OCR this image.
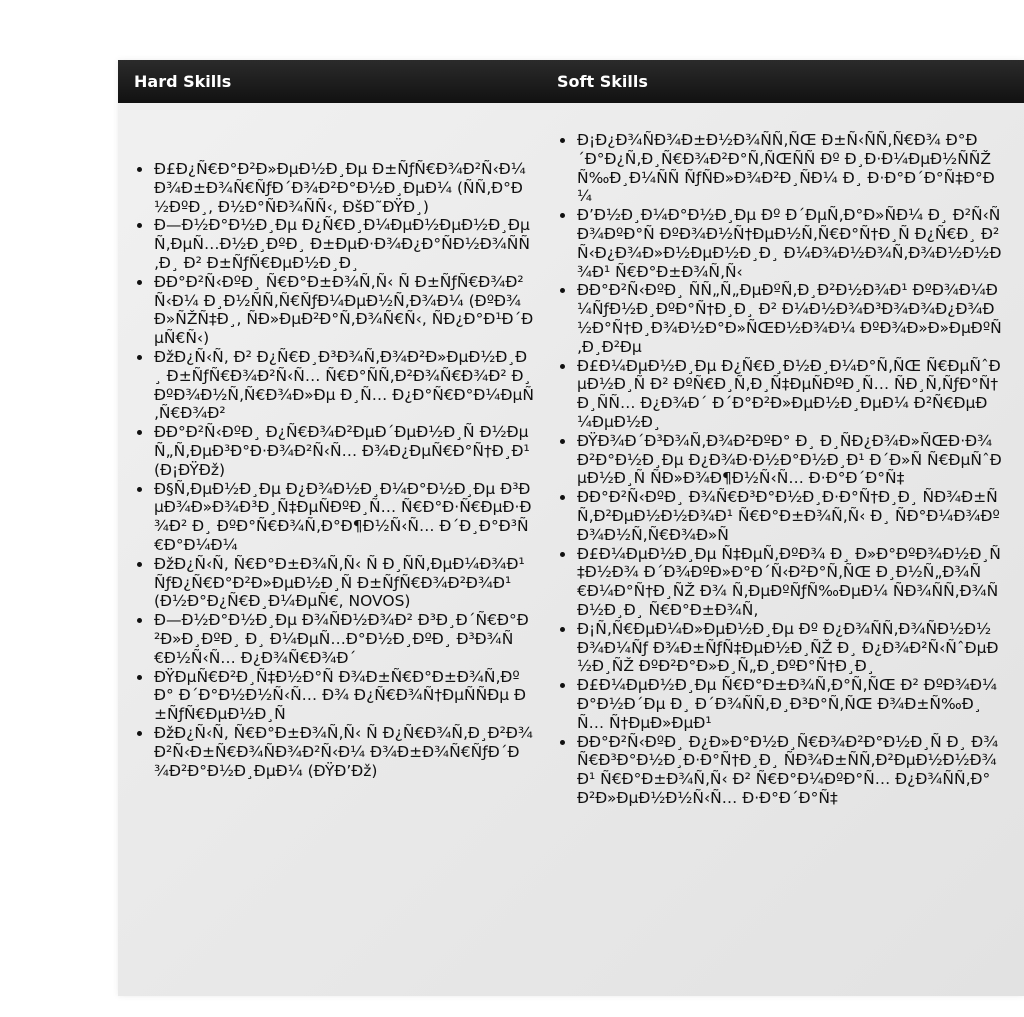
Hard Skills	Soft Skills
Ð£Ð¿Ñ€Ð°Ð²Ð»ÐµÐ½Ð¸Ðµ Ð±ÑƒÑ€Ð¾Ð²Ñ‹Ð¼ Ð¾Ð±Ð¾Ñ€ÑƒÐ´Ð¾Ð²Ð°Ð½Ð¸ÐµÐ¼ (ÑÑ‚Ð°Ð½ÐºÐ¸, Ð½Ð°ÑÐ¾ÑÑ‹, ÐšÐ˜ÐŸÐ¸)
Ð—Ð½Ð°Ð½Ð¸Ðµ Ð¿Ñ€Ð¸Ð¼ÐµÐ½ÐµÐ½Ð¸Ðµ Ñ‚ÐµÑ…Ð½Ð¸ÐºÐ¸ Ð±ÐµÐ·Ð¾Ð¿Ð°ÑÐ½Ð¾ÑÑ‚Ð¸ Ð² Ð±ÑƒÑ€ÐµÐ½Ð¸Ð¸
ÐÐ°Ð²Ñ‹ÐºÐ¸ Ñ€Ð°Ð±Ð¾Ñ‚Ñ‹ Ñ Ð±ÑƒÑ€Ð¾Ð²Ñ‹Ð¼ Ð¸Ð½ÑÑ‚Ñ€ÑƒÐ¼ÐµÐ½Ñ‚Ð¾Ð¼ (ÐºÐ¾Ð»ÑŽÑ‡Ð¸, ÑÐ»ÐµÐ²Ð°Ñ‚Ð¾Ñ€Ñ‹, ÑÐ¿Ð°Ð¹Ð´ÐµÑ€Ñ‹)
ÐžÐ¿Ñ‹Ñ‚ Ð² Ð¿Ñ€Ð¸Ð³Ð¾Ñ‚Ð¾Ð²Ð»ÐµÐ½Ð¸Ð¸ Ð±ÑƒÑ€Ð¾Ð²Ñ‹Ñ… Ñ€Ð°ÑÑ‚Ð²Ð¾Ñ€Ð¾Ð² Ð¸ ÐºÐ¾Ð½Ñ‚Ñ€Ð¾Ð»Ðµ Ð¸Ñ… Ð¿Ð°Ñ€Ð°Ð¼ÐµÑ‚Ñ€Ð¾Ð²
ÐÐ°Ð²Ñ‹ÐºÐ¸ Ð¿Ñ€Ð¾Ð²ÐµÐ´ÐµÐ½Ð¸Ñ Ð½ÐµÑ„Ñ‚ÐµÐ³Ð°Ð·Ð¾Ð²Ñ‹Ñ… Ð¾Ð¿ÐµÑ€Ð°Ñ†Ð¸Ð¹ (Ð¡ÐŸÐž)
Ð§Ñ‚ÐµÐ½Ð¸Ðµ Ð¿Ð¾Ð½Ð¸Ð¼Ð°Ð½Ð¸Ðµ Ð³ÐµÐ¾Ð»Ð¾Ð³Ð¸Ñ‡ÐµÑÐºÐ¸Ñ… Ñ€Ð°Ð·Ñ€ÐµÐ·Ð¾Ð² Ð¸ ÐºÐ°Ñ€Ð¾Ñ‚Ð°Ð¶Ð½Ñ‹Ñ… Ð´Ð¸Ð°Ð³Ñ€Ð°Ð¼Ð¼
ÐžÐ¿Ñ‹Ñ‚ Ñ€Ð°Ð±Ð¾Ñ‚Ñ‹ Ñ Ð¸ÑÑ‚ÐµÐ¼Ð¾Ð¹ ÑƒÐ¿Ñ€Ð°Ð²Ð»ÐµÐ½Ð¸Ñ Ð±ÑƒÑ€Ð¾Ð²Ð¾Ð¹ (Ð½Ð°Ð¿Ñ€Ð¸Ð¼ÐµÑ€, NOVOS)
Ð—Ð½Ð°Ð½Ð¸Ðµ Ð¾ÑÐ½Ð¾Ð² Ð³Ð¸Ð´Ñ€Ð°Ð²Ð»Ð¸ÐºÐ¸ Ð¸ Ð¼ÐµÑ…Ð°Ð½Ð¸ÐºÐ¸ Ð³Ð¾Ñ€Ð½Ñ‹Ñ… Ð¿Ð¾Ñ€Ð¾Ð´
ÐŸÐµÑ€Ð²Ð¸Ñ‡Ð½Ð°Ñ Ð¾Ð±Ñ€Ð°Ð±Ð¾Ñ‚ÐºÐ° Ð´Ð°Ð½Ð½Ñ‹Ñ… Ð¾ Ð¿Ñ€Ð¾Ñ†ÐµÑÑÐµ Ð±ÑƒÑ€ÐµÐ½Ð¸Ñ
ÐžÐ¿Ñ‹Ñ‚ Ñ€Ð°Ð±Ð¾Ñ‚Ñ‹ Ñ Ð¿Ñ€Ð¾Ñ‚Ð¸Ð²Ð¾Ð²Ñ‹Ð±Ñ€Ð¾ÑÐ¾Ð²Ñ‹Ð¼ Ð¾Ð±Ð¾Ñ€ÑƒÐ´Ð¾Ð²Ð°Ð½Ð¸ÐµÐ¼ (ÐŸÐ’Ðž)
Ð¡Ð¿Ð¾ÑÐ¾Ð±Ð½Ð¾ÑÑ‚ÑŒ Ð±Ñ‹ÑÑ‚Ñ€Ð¾ Ð°Ð´Ð°Ð¿Ñ‚Ð¸Ñ€Ð¾Ð²Ð°Ñ‚ÑŒÑÑ Ðº Ð¸Ð·Ð¼ÐµÐ½ÑÑŽÑ‰Ð¸Ð¼ÑÑ ÑƒÑÐ»Ð¾Ð²Ð¸ÑÐ¼ Ð¸ Ð·Ð°Ð´Ð°Ñ‡Ð°Ð¼
Ð’Ð½Ð¸Ð¼Ð°Ð½Ð¸Ðµ Ðº Ð´ÐµÑ‚Ð°Ð»ÑÐ¼ Ð¸ Ð²Ñ‹ÑÐ¾ÐºÐ°Ñ ÐºÐ¾Ð½Ñ†ÐµÐ½Ñ‚Ñ€Ð°Ñ†Ð¸Ñ Ð¿Ñ€Ð¸ Ð²Ñ‹Ð¿Ð¾Ð»Ð½ÐµÐ½Ð¸Ð¸ Ð¼Ð¾Ð½Ð¾Ñ‚Ð¾Ð½Ð½Ð¾Ð¹ Ñ€Ð°Ð±Ð¾Ñ‚Ñ‹
ÐÐ°Ð²Ñ‹ÐºÐ¸ ÑÑ„Ñ„ÐµÐºÑ‚Ð¸Ð²Ð½Ð¾Ð¹ ÐºÐ¾Ð¼Ð¼ÑƒÐ½Ð¸ÐºÐ°Ñ†Ð¸Ð¸ Ð² Ð¼Ð½Ð¾Ð³Ð¾Ð¾Ð¿Ð¾Ð½Ð°Ñ†Ð¸Ð¾Ð½Ð°Ð»ÑŒÐ½Ð¾Ð¼ ÐºÐ¾Ð»Ð»ÐµÐºÑ‚Ð¸Ð²Ðµ
Ð£Ð¼ÐµÐ½Ð¸Ðµ Ð¿Ñ€Ð¸Ð½Ð¸Ð¼Ð°Ñ‚ÑŒ Ñ€ÐµÑˆÐµÐ½Ð¸Ñ Ð² ÐºÑ€Ð¸Ñ‚Ð¸Ñ‡ÐµÑÐºÐ¸Ñ… ÑÐ¸Ñ‚ÑƒÐ°Ñ†Ð¸ÑÑ… Ð¿Ð¾Ð´ Ð´Ð°Ð²Ð»ÐµÐ½Ð¸ÐµÐ¼ Ð²Ñ€ÐµÐ¼ÐµÐ½Ð¸
ÐŸÐ¾Ð´Ð³Ð¾Ñ‚Ð¾Ð²ÐºÐ° Ð¸ Ð¸ÑÐ¿Ð¾Ð»ÑŒÐ·Ð¾Ð²Ð°Ð½Ð¸Ðµ Ð¿Ð¾Ð·Ð½Ð°Ð½Ð¸Ð¹ Ð´Ð»Ñ Ñ€ÐµÑˆÐµÐ½Ð¸Ñ ÑÐ»Ð¾Ð¶Ð½Ñ‹Ñ… Ð·Ð°Ð´Ð°Ñ‡
ÐÐ°Ð²Ñ‹ÐºÐ¸ Ð¾Ñ€Ð³Ð°Ð½Ð¸Ð·Ð°Ñ†Ð¸Ð¸ ÑÐ¾Ð±ÑÑ‚Ð²ÐµÐ½Ð½Ð¾Ð¹ Ñ€Ð°Ð±Ð¾Ñ‚Ñ‹ Ð¸ ÑÐ°Ð¼Ð¾ÐºÐ¾Ð½Ñ‚Ñ€Ð¾Ð»Ñ
Ð£Ð¼ÐµÐ½Ð¸Ðµ Ñ‡ÐµÑ‚ÐºÐ¾ Ð¸ Ð»Ð°ÐºÐ¾Ð½Ð¸Ñ‡Ð½Ð¾ Ð´Ð¾ÐºÐ»Ð°Ð´Ñ‹Ð²Ð°Ñ‚ÑŒ Ð¸Ð½Ñ„Ð¾Ñ€Ð¼Ð°Ñ†Ð¸ÑŽ Ð¾ Ñ‚ÐµÐºÑƒÑ‰ÐµÐ¼ ÑÐ¾ÑÑ‚Ð¾ÑÐ½Ð¸Ð¸ Ñ€Ð°Ð±Ð¾Ñ‚
Ð¡Ñ‚Ñ€ÐµÐ¼Ð»ÐµÐ½Ð¸Ðµ Ðº Ð¿Ð¾ÑÑ‚Ð¾ÑÐ½Ð½Ð¾Ð¼Ñƒ Ð¾Ð±ÑƒÑ‡ÐµÐ½Ð¸ÑŽ Ð¸ Ð¿Ð¾Ð²Ñ‹ÑˆÐµÐ½Ð¸ÑŽ ÐºÐ²Ð°Ð»Ð¸Ñ„Ð¸ÐºÐ°Ñ†Ð¸Ð¸
Ð£Ð¼ÐµÐ½Ð¸Ðµ Ñ€Ð°Ð±Ð¾Ñ‚Ð°Ñ‚ÑŒ Ð² ÐºÐ¾Ð¼Ð°Ð½Ð´Ðµ Ð¸ Ð´Ð¾ÑÑ‚Ð¸Ð³Ð°Ñ‚ÑŒ Ð¾Ð±Ñ‰Ð¸Ñ… Ñ†ÐµÐ»ÐµÐ¹
ÐÐ°Ð²Ñ‹ÐºÐ¸ Ð¿Ð»Ð°Ð½Ð¸Ñ€Ð¾Ð²Ð°Ð½Ð¸Ñ Ð¸ Ð¾Ñ€Ð³Ð°Ð½Ð¸Ð·Ð°Ñ†Ð¸Ð¸ ÑÐ¾Ð±ÑÑ‚Ð²ÐµÐ½Ð½Ð¾Ð¹ Ñ€Ð°Ð±Ð¾Ñ‚Ñ‹ Ð² Ñ€Ð°Ð¼ÐºÐ°Ñ… Ð¿Ð¾ÑÑ‚Ð°Ð²Ð»ÐµÐ½Ð½Ñ‹Ñ… Ð·Ð°Ð´Ð°Ñ‡
